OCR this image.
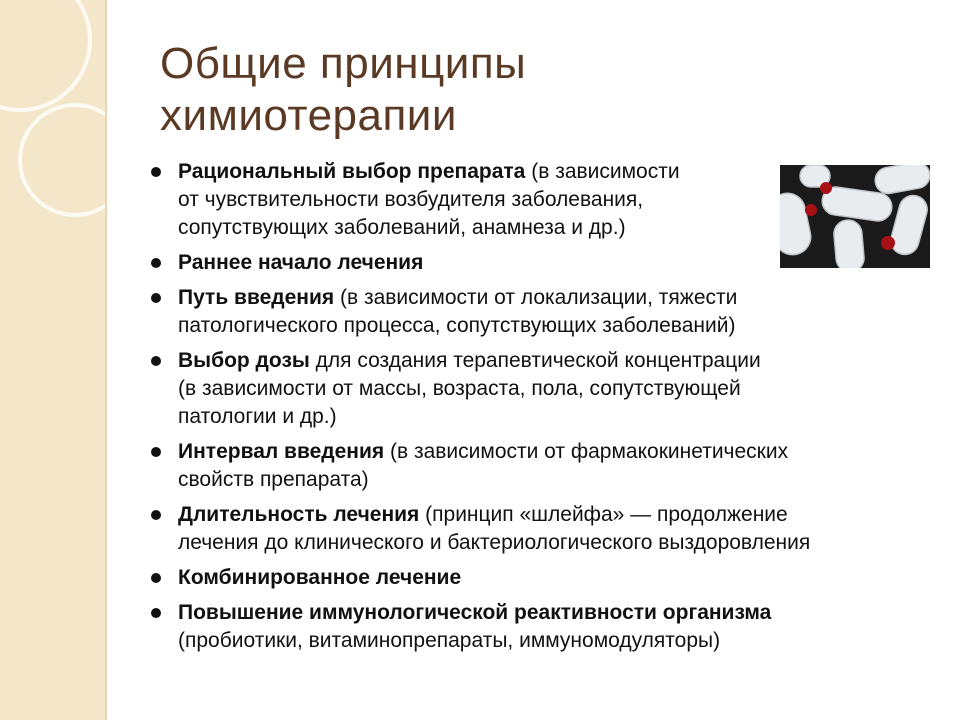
Общие принципы
химиотерапии
Рациональный выбор препарата (в зависимости
от чувствительности возбудителя заболевания,
сопутствующих заболеваний, анамнеза и др.)
Раннее начало лечения
Путь введения (в зависимости от локализации, тяжести
патологического процесса, сопутствующих заболеваний)
Выбор дозы для создания терапевтической концентрации
(в зависимости от массы, возраста, пола, сопутствующей
патологии и др.)
Интервал введения (в зависимости от фармакокинетических
свойств препарата)
Длительность лечения (принцип «шлейфа» — продолжение
лечения до клинического и бактериологического выздоровления
Комбинированное лечение
Повышение иммунологической реактивности организма
(пробиотики, витаминопрепараты, иммуномодуляторы)
